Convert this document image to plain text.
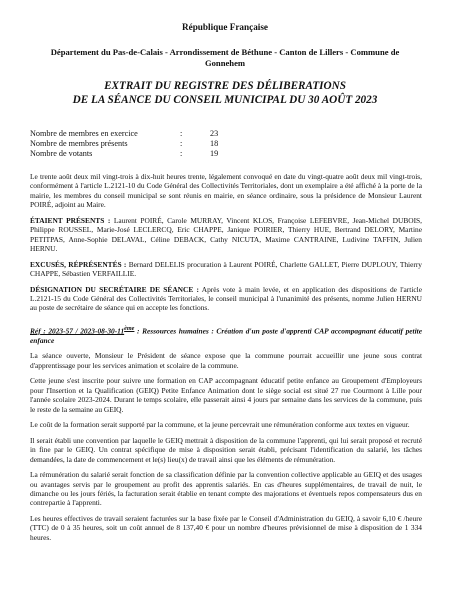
République Française
Département du Pas-de-Calais - Arrondissement de Béthune - Canton de Lillers - Commune de Gonnehem
EXTRAIT DU REGISTRE DES DÉLIBERATIONS
DE LA SÉANCE DU CONSEIL MUNICIPAL DU 30 AOÛT 2023
Nombre de membres en exercice	:	23
Nombre de membres présents	:	18
Nombre de votants	:	19

Le trente août deux mil vingt-trois à dix-huit heures trente, légalement convoqué en date du vingt-quatre août deux mil vingt-trois, conformément à l'article L.2121-10 du Code Général des Collectivités Territoriales, dont un exemplaire a été affiché à la porte de la mairie, les membres du conseil municipal se sont réunis en mairie, en séance ordinaire, sous la présidence de Monsieur Laurent POIRÉ, adjoint au Maire.

ÉTAIENT PRÉSENTS : Laurent POIRÉ, Carole MURRAY, Vincent KLOS, Françoise LEFEBVRE, Jean-Michel DUBOIS, Philippe ROUSSEL, Marie-José LECLERCQ, Eric CHAPPE, Janique POIRIER, Thierry HUE, Bertrand DELORY, Martine PETITPAS, Anne-Sophie DELAVAL, Céline DEBACK, Cathy NICUTA, Maxime CANTRAINE, Ludivine TAFFIN, Julien HERNU.

EXCUSÉS, RÉPRÉSENTÉS : Bernard DELELIS procuration à Laurent POIRÉ, Charlette GALLET, Pierre DUPLOUY, Thierry CHAPPE, Sébastien VERFAILLIE.

DÉSIGNATION DU SECRÉTAIRE DE SÉANCE : Après vote à main levée, et en application des dispositions de l'article L.2121-15 du Code Général des Collectivités Territoriales, le conseil municipal à l'unanimité des présents, nomme Julien HERNU au poste de secrétaire de séance qui en accepte les fonctions.

Réf : 2023-57 / 2023-08-30-11ème : Ressources humaines : Création d'un poste d'apprenti CAP accompagnant éducatif petite enfance

La séance ouverte, Monsieur le Président de séance expose que la commune pourrait accueillir une jeune sous contrat d'apprentissage pour les services animation et scolaire de la commune.

Cette jeune s'est inscrite pour suivre une formation en CAP accompagnant éducatif petite enfance au Groupement d'Employeurs pour l'Insertion et la Qualification (GEIQ) Petite Enfance Animation dont le siège social est situé 27 rue Courmont à Lille pour l'année scolaire 2023-2024. Durant le temps scolaire, elle passerait ainsi 4 jours par semaine dans les services de la commune, puis le reste de la semaine au GEIQ.

Le coût de la formation serait supporté par la commune, et la jeune percevrait une rémunération conforme aux textes en vigueur.

Il serait établi une convention par laquelle le GEIQ mettrait à disposition de la commune l'apprenti, qui lui serait proposé et recruté in fine par le GEIQ. Un contrat spécifique de mise à disposition serait établi, précisant l'identification du salarié, les tâches demandées, la date de commencement et le(s) lieu(x) de travail ainsi que les éléments de rémunération.

La rémunération du salarié serait fonction de sa classification définie par la convention collective applicable au GEIQ et des usages ou avantages servis par le groupement au profit des apprentis salariés. En cas d'heures supplémentaires, de travail de nuit, le dimanche ou les jours fériés, la facturation serait établie en tenant compte des majorations et éventuels repos compensateurs dus en contrepartie à l'apprenti.

Les heures effectives de travail seraient facturées sur la base fixée par le Conseil d'Administration du GEIQ, à savoir 6,10 € /heure (TTC) de 0 à 35 heures, soit un coût annuel de 8 137,40 € pour un nombre d'heures prévisionnel de mise à disposition de 1 334 heures.
